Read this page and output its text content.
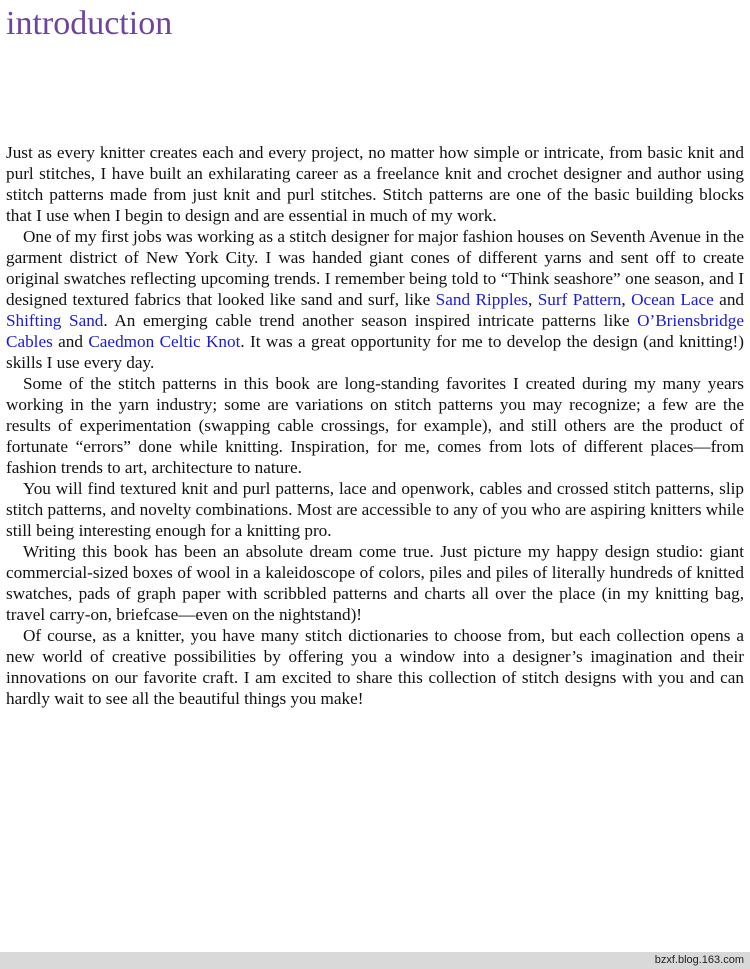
introduction

Just as every knitter creates each and every project, no matter how simple or intricate, from basic knit and purl stitches, I have built an exhilarating career as a freelance knit and crochet designer and author using stitch patterns made from just knit and purl stitches. Stitch patterns are one of the basic building blocks that I use when I begin to design and are essential in much of my work.

One of my first jobs was working as a stitch designer for major fashion houses on Seventh Avenue in the garment district of New York City. I was handed giant cones of different yarns and sent off to create original swatches reflecting upcoming trends. I remember being told to “Think seashore” one season, and I designed textured fabrics that looked like sand and surf, like Sand Ripples, Surf Pattern, Ocean Lace and Shifting Sand. An emerging cable trend another season inspired intricate patterns like O’Briensbridge Cables and Caedmon Celtic Knot. It was a great opportunity for me to develop the design (and knitting!) skills I use every day.

Some of the stitch patterns in this book are long-standing favorites I created during my many years working in the yarn industry; some are variations on stitch patterns you may recognize; a few are the results of experimentation (swapping cable crossings, for example), and still others are the product of fortunate “errors” done while knitting. Inspiration, for me, comes from lots of different places—from fashion trends to art, architecture to nature.

You will find textured knit and purl patterns, lace and openwork, cables and crossed stitch patterns, slip stitch patterns, and novelty combinations. Most are accessible to any of you who are aspiring knitters while still being interesting enough for a knitting pro.

Writing this book has been an absolute dream come true. Just picture my happy design studio: giant commercial-sized boxes of wool in a kaleidoscope of colors, piles and piles of literally hundreds of knitted swatches, pads of graph paper with scribbled patterns and charts all over the place (in my knitting bag, travel carry-on, briefcase—even on the nightstand)!

Of course, as a knitter, you have many stitch dictionaries to choose from, but each collection opens a new world of creative possibilities by offering you a window into a designer’s imagination and their innovations on our favorite craft. I am excited to share this collection of stitch designs with you and can hardly wait to see all the beautiful things you make!

bzxf.blog.163.com
